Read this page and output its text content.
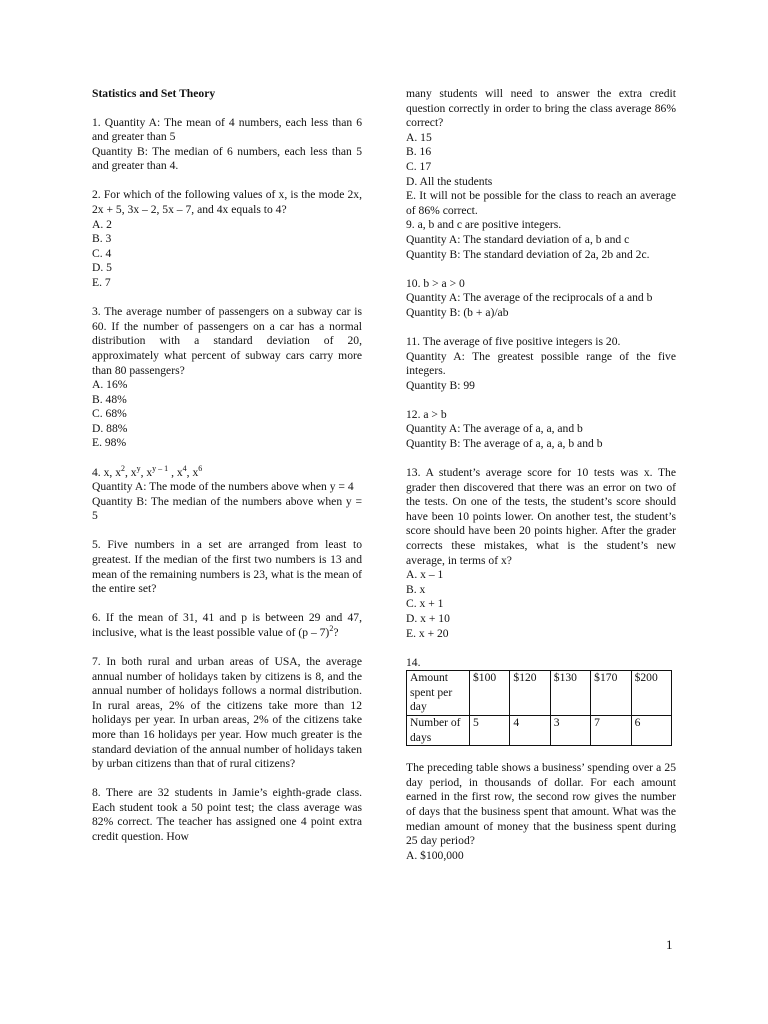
Statistics and Set Theory
1. Quantity A: The mean of 4 numbers, each less than 6 and greater than 5
Quantity B: The median of 6 numbers, each less than 5 and greater than 4.
2. For which of the following values of x, is the mode 2x, 2x + 5, 3x – 2, 5x – 7, and 4x equals to 4?
A. 2
B. 3
C. 4
D. 5
E. 7
3. The average number of passengers on a subway car is 60. If the number of passengers on a car has a normal distribution with a standard deviation of 20, approximately what percent of subway cars carry more than 80 passengers?
A. 16%
B. 48%
C. 68%
D. 88%
E. 98%
4. x, $x^2$, $x^y$, $x^{y - 1}$ , $x^4$, $x^6$
Quantity A: The mode of the numbers above when y = 4
Quantity B: The median of the numbers above when y = 5
5. Five numbers in a set are arranged from least to greatest. If the median of the first two numbers is 13 and mean of the remaining numbers is 23, what is the mean of the entire set?
6. If the mean of 31, 41 and p is between 29 and 47, inclusive, what is the least possible value of (p – 7)$^2$?
7. In both rural and urban areas of USA, the average annual number of holidays taken by citizens is 8, and the annual number of holidays follows a normal distribution. In rural areas, 2% of the citizens take more than 12 holidays per year. In urban areas, 2% of the citizens take more than 16 holidays per year. How much greater is the standard deviation of the annual number of holidays taken by urban citizens than that of rural citizens?
8. There are 32 students in Jamie’s eighth-grade class. Each student took a 50 point test; the class average was 82% correct. The teacher has assigned one 4 point extra credit question. How
many students will need to answer the extra credit question correctly in order to bring the class average 86% correct?
A. 15
B. 16
C. 17
D. All the students
E. It will not be possible for the class to reach an average of 86% correct.
9. a, b and c are positive integers.
Quantity A: The standard deviation of a, b and c
Quantity B: The standard deviation of 2a, 2b and 2c.
10. b > a > 0
Quantity A: The average of the reciprocals of a and b
Quantity B: (b + a)/ab
11. The average of five positive integers is 20.
Quantity A: The greatest possible range of the five integers.
Quantity B: 99
12. a > b
Quantity A: The average of a, a, and b
Quantity B: The average of a, a, a, b and b
13. A student’s average score for 10 tests was x. The grader then discovered that there was an error on two of the tests. On one of the tests, the student’s score should have been 10 points lower. On another test, the student’s score should have been 20 points higher. After the grader corrects these mistakes, what is the student’s new average, in terms of x?
A. x – 1
B. x
C. x + 1
D. x + 10
E. x + 20
14.
Amount spent per day	$100	$120	$130	$170	$200
Number of days	5	4	3	7	6
The preceding table shows a business’ spending over a 25 day period, in thousands of dollar. For each amount earned in the first row, the second row gives the number of days that the business spent that amount. What was the median amount of money that the business spent during 25 day period?
A. $100,000
1
